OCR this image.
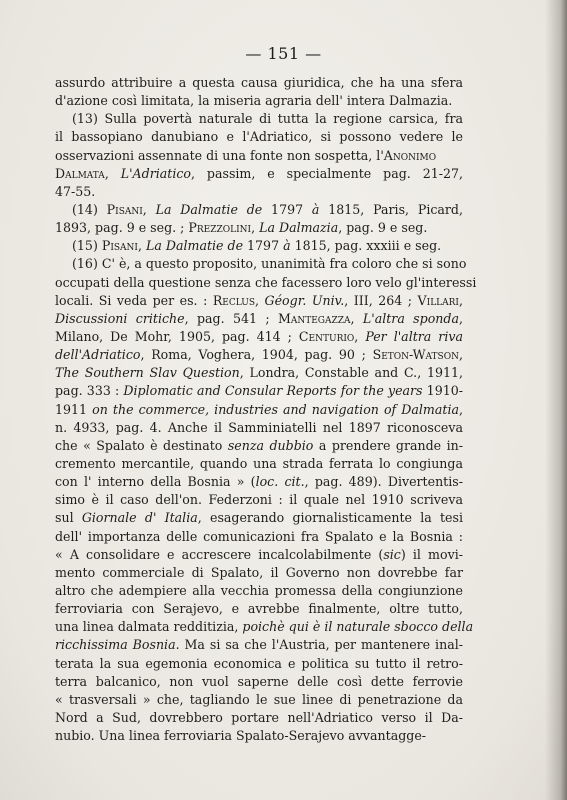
— 151 —
assurdo attribuire a questa causa giuridica, che ha una sfera
d'azione così limitata, la miseria agraria dell' intera Dalmazia.
(13) Sulla povertà naturale di tutta la regione carsica, fra
il bassopiano danubiano e l'Adriatico, si possono vedere le
osservazioni assennate di una fonte non sospetta, l'Anonimo
Dalmata, L'Adriatico, passim, e specialmente pag. 21-27,
47-55.
(14) Pisani, La Dalmatie de 1797 à 1815, Paris, Picard,
1893, pag. 9 e seg. ; Prezzolini, La Dalmazia, pag. 9 e seg.
(15) Pisani, La Dalmatie de 1797 à 1815, pag. xxxiii e seg.
(16) C' è, a questo proposito, unanimità fra coloro che si sono
occupati della questione senza che facessero loro velo gl'interessi
locali. Si veda per es. : Reclus, Géogr. Univ., III, 264 ; Villari,
Discussioni critiche, pag. 541 ; Mantegazza, L'altra sponda,
Milano, De Mohr, 1905, pag. 414 ; Centurio, Per l'altra riva
dell'Adriatico, Roma, Voghera, 1904, pag. 90 ; Seton-Watson,
The Southern Slav Question, Londra, Constable and C., 1911,
pag. 333 : Diplomatic and Consular Reports for the years 1910-
1911 on the commerce, industries and navigation of Dalmatia,
n. 4933, pag. 4. Anche il Samminiatelli nel 1897 riconosceva
che « Spalato è destinato senza dubbio a prendere grande in-
cremento mercantile, quando una strada ferrata lo congiunga
con l' interno della Bosnia » (loc. cit., pag. 489). Divertentis-
simo è il caso dell'on. Federzoni : il quale nel 1910 scriveva
sul Giornale d' Italia, esagerando giornalisticamente la tesi
dell' importanza delle comunicazioni fra Spalato e la Bosnia :
« A consolidare e accrescere incalcolabilmente (sic) il movi-
mento commerciale di Spalato, il Governo non dovrebbe far
altro che adempiere alla vecchia promessa della congiunzione
ferroviaria con Serajevo, e avrebbe finalmente, oltre tutto,
una linea dalmata redditizia, poichè qui è il naturale sbocco della
ricchissima Bosnia. Ma si sa che l'Austria, per mantenere inal-
terata la sua egemonia economica e politica su tutto il retro-
terra balcanico, non vuol saperne delle così dette ferrovie
« trasversali » che, tagliando le sue linee di penetrazione da
Nord a Sud, dovrebbero portare nell'Adriatico verso il Da-
nubio. Una linea ferroviaria Spalato-Serajevo avvantagge-
